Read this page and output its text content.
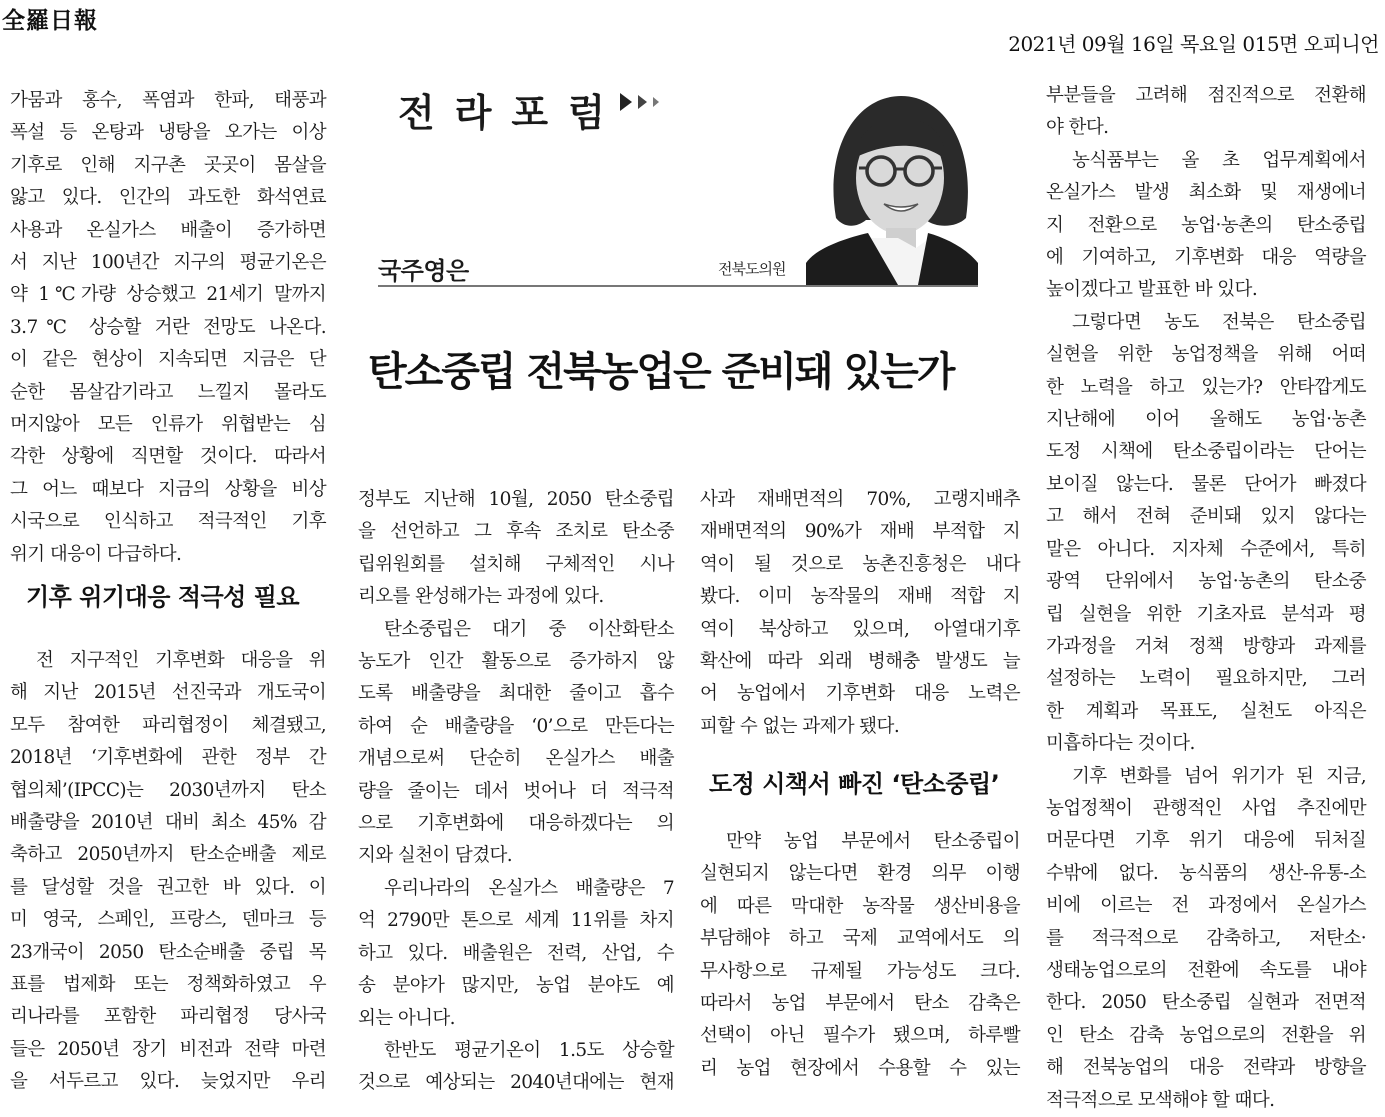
全羅日報
2021년 09월 16일 목요일 015면 오피니언
전라포럼
국주영은	전북도의원
탄소중립 전북농업은 준비돼 있는가
가뭄과 홍수, 폭염과 한파, 태풍과
폭설 등 온탕과 냉탕을 오가는 이상
기후로 인해 지구촌 곳곳이 몸살을
앓고 있다. 인간의 과도한 화석연료
사용과 온실가스 배출이 증가하면
서 지난 100년간 지구의 평균기온은
약 1℃가량 상승했고 21세기 말까지
3.7℃ 상승할 거란 전망도 나온다.
이 같은 현상이 지속되면 지금은 단
순한 몸살감기라고 느낄지 몰라도
머지않아 모든 인류가 위협받는 심
각한 상황에 직면할 것이다. 따라서
그 어느 때보다 지금의 상황을 비상
시국으로 인식하고 적극적인 기후
위기 대응이 다급하다.
기후 위기대응 적극성 필요
전 지구적인 기후변화 대응을 위
해 지난 2015년 선진국과 개도국이
모두 참여한 파리협정이 체결됐고,
2018년 ‘기후변화에 관한 정부 간
협의체’(IPCC)는 2030년까지 탄소
배출량을 2010년 대비 최소 45% 감
축하고 2050년까지 탄소순배출 제로
를 달성할 것을 권고한 바 있다. 이
미 영국, 스페인, 프랑스, 덴마크 등
23개국이 2050 탄소순배출 중립 목
표를 법제화 또는 정책화하였고 우
리나라를 포함한 파리협정 당사국
들은 2050년 장기 비전과 전략 마련
을 서두르고 있다. 늦었지만 우리
정부도 지난해 10월, 2050 탄소중립
을 선언하고 그 후속 조치로 탄소중
립위원회를 설치해 구체적인 시나
리오를 완성해가는 과정에 있다.
탄소중립은 대기 중 이산화탄소
농도가 인간 활동으로 증가하지 않
도록 배출량을 최대한 줄이고 흡수
하여 순 배출량을 ‘0’으로 만든다는
개념으로써 단순히 온실가스 배출
량을 줄이는 데서 벗어나 더 적극적
으로 기후변화에 대응하겠다는 의
지와 실천이 담겼다.
우리나라의 온실가스 배출량은 7
억 2790만 톤으로 세계 11위를 차지
하고 있다. 배출원은 전력, 산업, 수
송 분야가 많지만, 농업 분야도 예
외는 아니다.
한반도 평균기온이 1.5도 상승할
것으로 예상되는 2040년대에는 현재
사과 재배면적의 70%, 고랭지배추
재배면적의 90%가 재배 부적합 지
역이 될 것으로 농촌진흥청은 내다
봤다. 이미 농작물의 재배 적합 지
역이 북상하고 있으며, 아열대기후
확산에 따라 외래 병해충 발생도 늘
어 농업에서 기후변화 대응 노력은
피할 수 없는 과제가 됐다.
도정 시책서 빠진 ‘탄소중립’
만약 농업 부문에서 탄소중립이
실현되지 않는다면 환경 의무 이행
에 따른 막대한 농작물 생산비용을
부담해야 하고 국제 교역에서도 의
무사항으로 규제될 가능성도 크다.
따라서 농업 부문에서 탄소 감축은
선택이 아닌 필수가 됐으며, 하루빨
리 농업 현장에서 수용할 수 있는
부분들을 고려해 점진적으로 전환해
야 한다.
농식품부는 올 초 업무계획에서
온실가스 발생 최소화 및 재생에너
지 전환으로 농업·농촌의 탄소중립
에 기여하고, 기후변화 대응 역량을
높이겠다고 발표한 바 있다.
그렇다면 농도 전북은 탄소중립
실현을 위한 농업정책을 위해 어떠
한 노력을 하고 있는가? 안타깝게도
지난해에 이어 올해도 농업·농촌
도정 시책에 탄소중립이라는 단어는
보이질 않는다. 물론 단어가 빠졌다
고 해서 전혀 준비돼 있지 않다는
말은 아니다. 지자체 수준에서, 특히
광역 단위에서 농업·농촌의 탄소중
립 실현을 위한 기초자료 분석과 평
가과정을 거쳐 정책 방향과 과제를
설정하는 노력이 필요하지만, 그러
한 계획과 목표도, 실천도 아직은
미흡하다는 것이다.
기후 변화를 넘어 위기가 된 지금,
농업정책이 관행적인 사업 추진에만
머문다면 기후 위기 대응에 뒤처질
수밖에 없다. 농식품의 생산-유통-소
비에 이르는 전 과정에서 온실가스
를 적극적으로 감축하고, 저탄소·
생태농업으로의 전환에 속도를 내야
한다. 2050 탄소중립 실현과 전면적
인 탄소 감축 농업으로의 전환을 위
해 전북농업의 대응 전략과 방향을
적극적으로 모색해야 할 때다.
